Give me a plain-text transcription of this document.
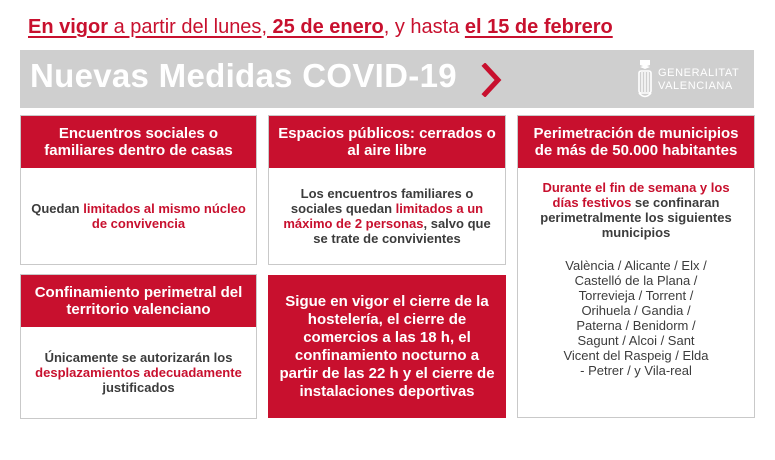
En vigor a partir del lunes, 25 de enero, y hasta el 15 de febrero
Nuevas Medidas COVID-19	GENERALITAT
VALENCIANA
Encuentros sociales o familiares dentro de casas
Quedan limitados al mismo núcleo de convivencia
Espacios públicos: cerrados o al aire libre
Los encuentros familiares o sociales quedan limitados a un máximo de 2 personas, salvo que se trate de convivientes
Perimetración de municipios de más de 50.000 habitantes
Durante el fin de semana y los días festivos se confinaran perimetralmente los siguientes municipios
València / Alicante / Elx / Castelló de la Plana / Torrevieja / Torrent / Orihuela / Gandia / Paterna / Benidorm / Sagunt / Alcoi / Sant Vicent del Raspeig / Elda - Petrer / y Vila-real
Confinamiento perimetral del territorio valenciano
Únicamente se autorizarán los desplazamientos adecuadamente justificados
Sigue en vigor el cierre de la hostelería, el cierre de comercios a las 18 h, el confinamiento nocturno a partir de las 22 h y el cierre de instalaciones deportivas
